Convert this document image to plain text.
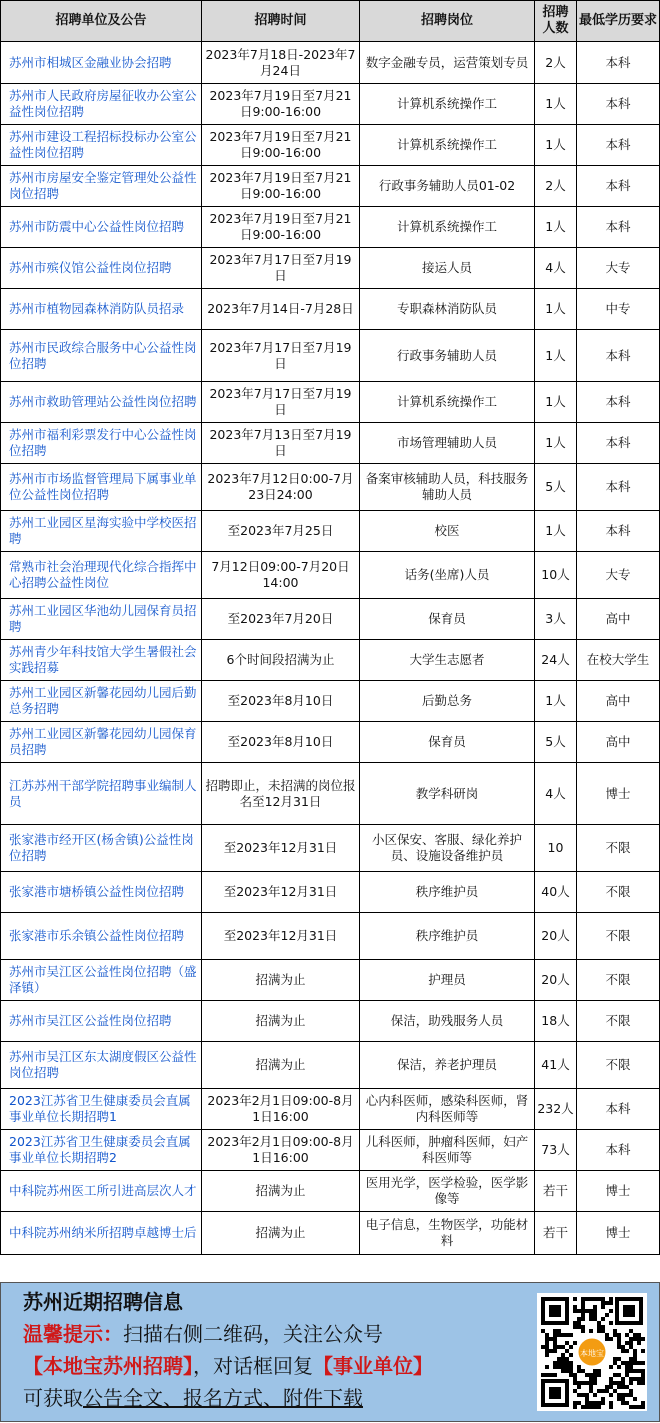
招聘单位及公告	招聘时间	招聘岗位	招聘人数	最低学历要求
苏州市相城区金融业协会招聘	2023年7月18日-2023年7月24日	数字金融专员，运营策划专员	2人	本科
苏州市人民政府房屋征收办公室公益性岗位招聘	2023年7月19日至7月21日9:00-16:00	计算机系统操作工	1人	本科
苏州市建设工程招标投标办公室公益性岗位招聘	2023年7月19日至7月21日9:00-16:00	计算机系统操作工	1人	本科
苏州市房屋安全鉴定管理处公益性岗位招聘	2023年7月19日至7月21日9:00-16:00	行政事务辅助人员01-02	2人	本科
苏州市防震中心公益性岗位招聘	2023年7月19日至7月21日9:00-16:00	计算机系统操作工	1人	本科
苏州市殡仪馆公益性岗位招聘	2023年7月17日至7月19日	接运人员	4人	大专
苏州市植物园森林消防队员招录	2023年7月14日-7月28日	专职森林消防队员	1人	中专
苏州市民政综合服务中心公益性岗位招聘	2023年7月17日至7月19日	行政事务辅助人员	1人	本科
苏州市救助管理站公益性岗位招聘	2023年7月17日至7月19日	计算机系统操作工	1人	本科
苏州市福利彩票发行中心公益性岗位招聘	2023年7月13日至7月19日	市场管理辅助人员	1人	本科
苏州市市场监督管理局下属事业单位公益性岗位招聘	2023年7月12日0:00-7月23日24:00	备案审核辅助人员，科技服务辅助人员	5人	本科
苏州工业园区星海实验中学校医招聘	至2023年7月25日	校医	1人	本科
常熟市社会治理现代化综合指挥中心招聘公益性岗位	7月12日09:00-7月20日14:00	话务(坐席)人员	10人	大专
苏州工业园区华池幼儿园保育员招聘	至2023年7月20日	保育员	3人	高中
苏州青少年科技馆大学生暑假社会实践招募	6个时间段招满为止	大学生志愿者	24人	在校大学生
苏州工业园区新馨花园幼儿园后勤总务招聘	至2023年8月10日	后勤总务	1人	高中
苏州工业园区新馨花园幼儿园保育员招聘	至2023年8月10日	保育员	5人	高中
江苏苏州干部学院招聘事业编制人员	招聘即止，未招满的岗位报名至12月31日	教学科研岗	4人	博士
张家港市经开区(杨舍镇)公益性岗位招聘	至2023年12月31日	小区保安、客服、绿化养护员、设施设备维护员	10	不限
张家港市塘桥镇公益性岗位招聘	至2023年12月31日	秩序维护员	40人	不限
张家港市乐余镇公益性岗位招聘	至2023年12月31日	秩序维护员	20人	不限
苏州市吴江区公益性岗位招聘（盛泽镇）	招满为止	护理员	20人	不限
苏州市吴江区公益性岗位招聘	招满为止	保洁，助残服务人员	18人	不限
苏州市吴江区东太湖度假区公益性岗位招聘	招满为止	保洁，养老护理员	41人	不限
2023江苏省卫生健康委员会直属事业单位长期招聘1	2023年2月1日09:00-8月1日16:00	心内科医师，感染科医师，肾内科医师等	232人	本科
2023江苏省卫生健康委员会直属事业单位长期招聘2	2023年2月1日09:00-8月1日16:00	儿科医师，肿瘤科医师，妇产科医师等	73人	本科
中科院苏州医工所引进高层次人才	招满为止	医用光学，医学检验，医学影像等	若干	博士
中科院苏州纳米所招聘卓越博士后	招满为止	电子信息，生物医学，功能材料	若干	博士
苏州近期招聘信息
温馨提示：扫描右侧二维码，关注公众号
【本地宝苏州招聘】，对话框回复【事业单位】
可获取公告全文、报名方式、附件下载
本地宝
